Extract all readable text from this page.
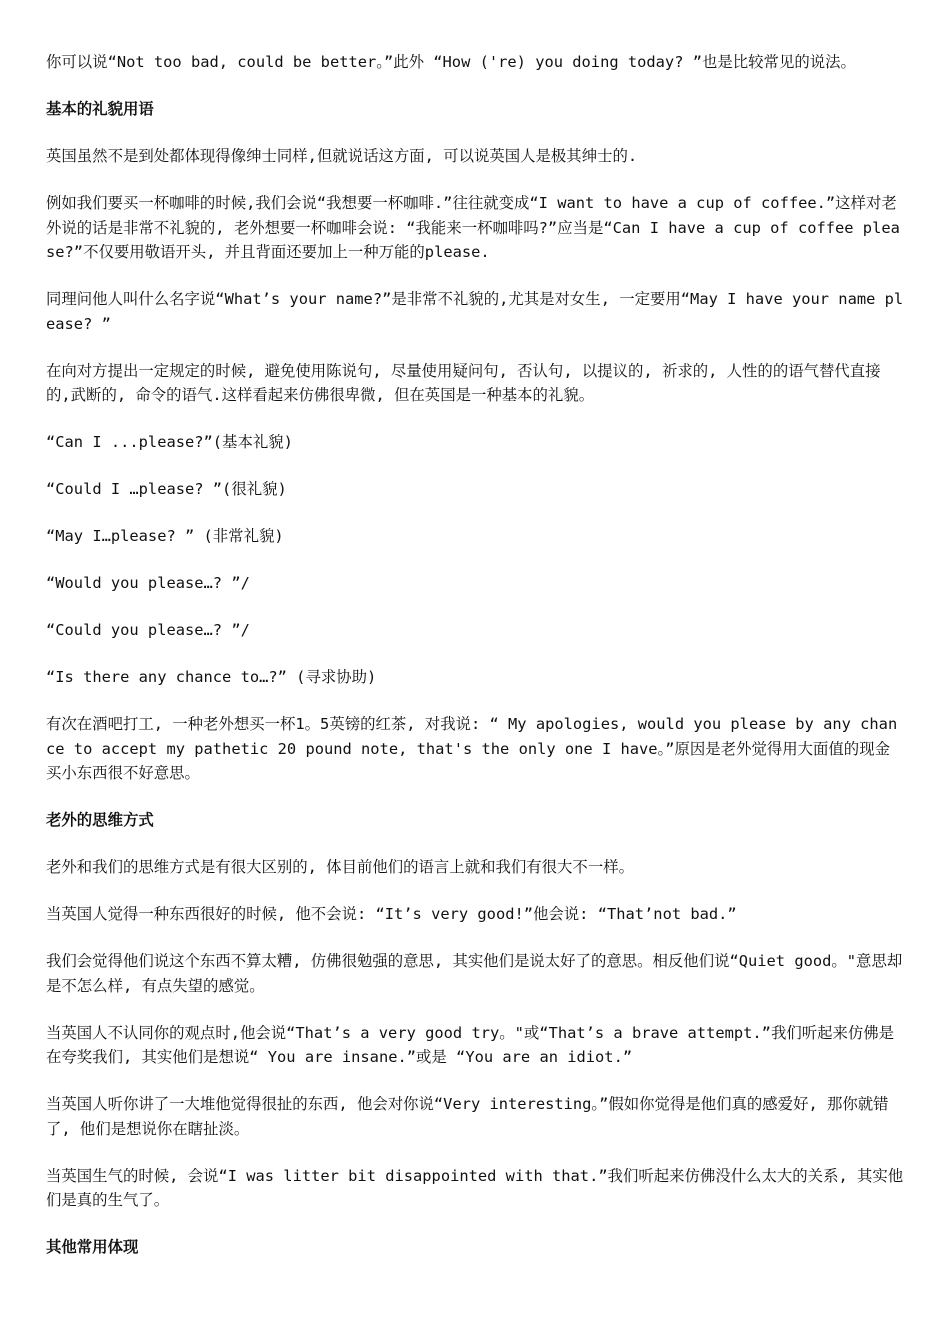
你可以说“Not too bad, could be better。”此外 “How ('re) you doing today? ”也是比较常见的说法。

基本的礼貌用语

英国虽然不是到处都体现得像绅士同样,但就说话这方面, 可以说英国人是极其绅士的.

例如我们要买一杯咖啡的时候,我们会说“我想要一杯咖啡.”往往就变成“I want to have a cup of coffee.”这样对老外说的话是非常不礼貌的, 老外想要一杯咖啡会说: “我能来一杯咖啡吗?”应当是“Can I have a cup of coffee please?”不仅要用敬语开头, 并且背面还要加上一种万能的please.

同理问他人叫什么名字说“What’s your name?”是非常不礼貌的,尤其是对女生, 一定要用“May I have your name please? ”

在向对方提出一定规定的时候, 避免使用陈说句, 尽量使用疑问句, 否认句, 以提议的, 祈求的, 人性的的语气替代直接的,武断的, 命令的语气.这样看起来仿佛很卑微, 但在英国是一种基本的礼貌。

“Can I ...please?”(基本礼貌)

“Could I …please? ”(很礼貌)

“May I…please? ” (非常礼貌)

“Would you please…? ”/

“Could you please…? ”/

“Is there any chance to…?” (寻求协助)

有次在酒吧打工, 一种老外想买一杯1。5英镑的红茶, 对我说: “ My apologies, would you please by any chance to accept my pathetic 20 pound note, that's the only one I have。”原因是老外觉得用大面值的现金买小东西很不好意思。

老外的思维方式

老外和我们的思维方式是有很大区别的, 体目前他们的语言上就和我们有很大不一样。

当英国人觉得一种东西很好的时候, 他不会说: “It’s very good!”他会说: “That’not bad.”

我们会觉得他们说这个东西不算太糟, 仿佛很勉强的意思, 其实他们是说太好了的意思。相反他们说“Quiet good。"意思却是不怎么样, 有点失望的感觉。

当英国人不认同你的观点时,他会说“That’s a very good try。"或“That’s a brave attempt.”我们听起来仿佛是在夸奖我们, 其实他们是想说“ You are insane.”或是 “You are an idiot.”

当英国人听你讲了一大堆他觉得很扯的东西, 他会对你说“Very interesting。”假如你觉得是他们真的感爱好, 那你就错了, 他们是想说你在瞎扯淡。

当英国生气的时候, 会说“I was litter bit disappointed with that.”我们听起来仿佛没什么太大的关系, 其实他们是真的生气了。

其他常用体现
